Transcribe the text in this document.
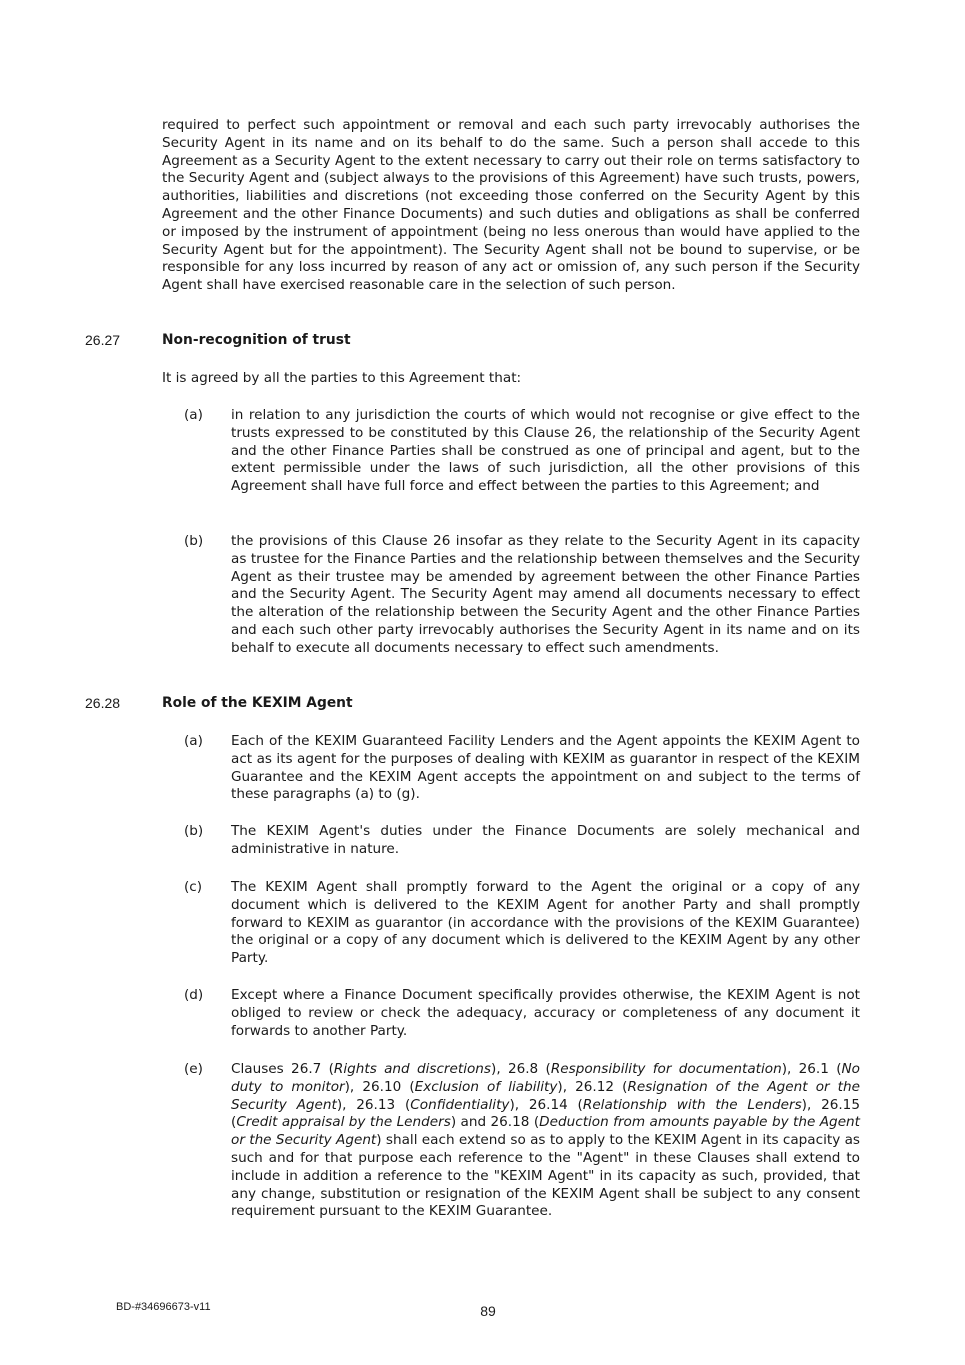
required to perfect such appointment or removal and each such party irrevocably authorises the Security Agent in its name and on its behalf to do the same. Such a person shall accede to this Agreement as a Security Agent to the extent necessary to carry out their role on terms satisfactory to the Security Agent and (subject always to the provisions of this Agreement) have such trusts, powers, authorities, liabilities and discretions (not exceeding those conferred on the Security Agent by this Agreement and the other Finance Documents) and such duties and obligations as shall be conferred or imposed by the instrument of appointment (being no less onerous than would have applied to the Security Agent but for the appointment). The Security Agent shall not be bound to supervise, or be responsible for any loss incurred by reason of any act or omission of, any such person if the Security Agent shall have exercised reasonable care in the selection of such person.

26.27	Non-recognition of trust
It is agreed by all the parties to this Agreement that:
(a) in relation to any jurisdiction the courts of which would not recognise or give effect to the trusts expressed to be constituted by this Clause 26, the relationship of the Security Agent and the other Finance Parties shall be construed as one of principal and agent, but to the extent permissible under the laws of such jurisdiction, all the other provisions of this Agreement shall have full force and effect between the parties to this Agreement; and

(b) the provisions of this Clause 26 insofar as they relate to the Security Agent in its capacity as trustee for the Finance Parties and the relationship between themselves and the Security Agent as their trustee may be amended by agreement between the other Finance Parties and the Security Agent. The Security Agent may amend all documents necessary to effect the alteration of the relationship between the Security Agent and the other Finance Parties and each such other party irrevocably authorises the Security Agent in its name and on its behalf to execute all documents necessary to effect such amendments.

26.28	Role of the KEXIM Agent
(a) Each of the KEXIM Guaranteed Facility Lenders and the Agent appoints the KEXIM Agent to act as its agent for the purposes of dealing with KEXIM as guarantor in respect of the KEXIM Guarantee and the KEXIM Agent accepts the appointment on and subject to the terms of these paragraphs (a) to (g).

(b) The KEXIM Agent's duties under the Finance Documents are solely mechanical and administrative in nature.

(c) The KEXIM Agent shall promptly forward to the Agent the original or a copy of any document which is delivered to the KEXIM Agent for another Party and shall promptly forward to KEXIM as guarantor (in accordance with the provisions of the KEXIM Guarantee) the original or a copy of any document which is delivered to the KEXIM Agent by any other Party.

(d) Except where a Finance Document specifically provides otherwise, the KEXIM Agent is not obliged to review or check the adequacy, accuracy or completeness of any document it forwards to another Party.

(e) Clauses 26.7 (Rights and discretions), 26.8 (Responsibility for documentation), 26.1 (No duty to monitor), 26.10 (Exclusion of liability), 26.12 (Resignation of the Agent or the Security Agent), 26.13 (Confidentiality), 26.14 (Relationship with the Lenders), 26.15 (Credit appraisal by the Lenders) and 26.18 (Deduction from amounts payable by the Agent or the Security Agent) shall each extend so as to apply to the KEXIM Agent in its capacity as such and for that purpose each reference to the "Agent" in these Clauses shall extend to include in addition a reference to the "KEXIM Agent" in its capacity as such, provided, that any change, substitution or resignation of the KEXIM Agent shall be subject to any consent requirement pursuant to the KEXIM Guarantee.

BD-#34696673-v11	89
